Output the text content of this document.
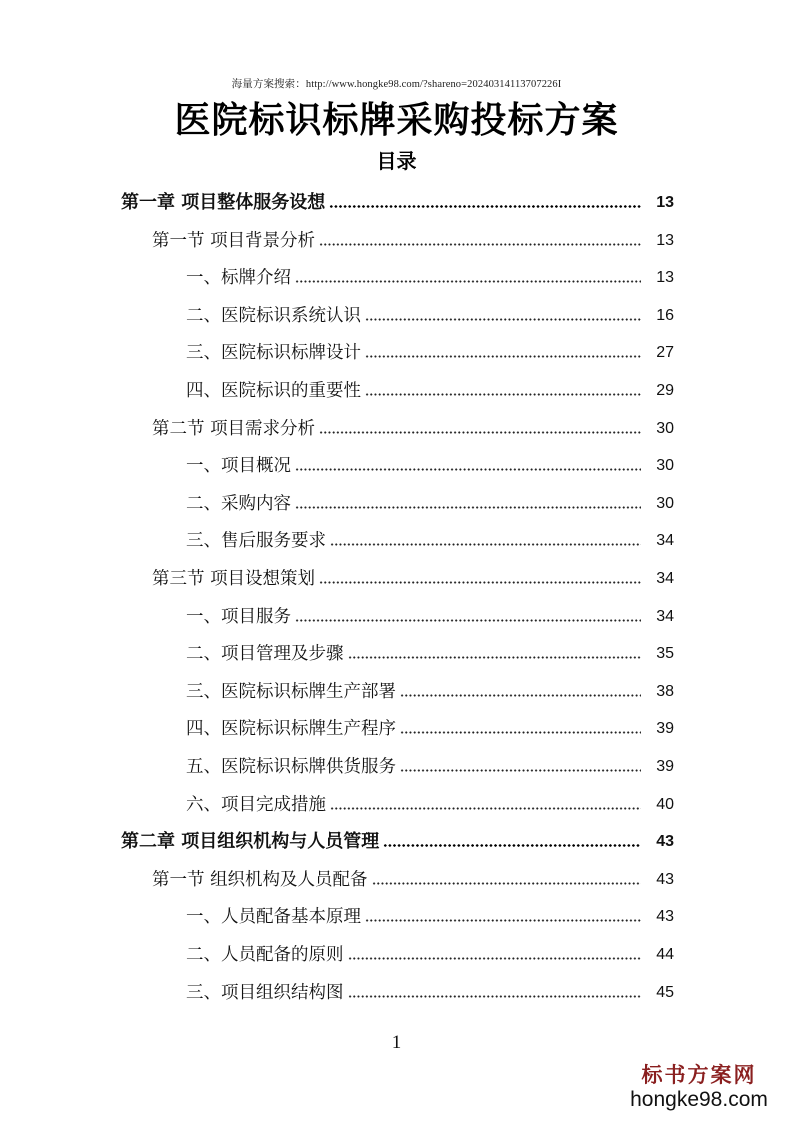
海量方案搜索：http://www.hongke98.com/?shareno=20240314113707226I
医院标识标牌采购投标方案
目录
第一章 项目整体服务设想	13
第一节 项目背景分析	13
一、标牌介绍	13
二、医院标识系统认识	16
三、医院标识标牌设计	27
四、医院标识的重要性	29
第二节 项目需求分析	30
一、项目概况	30
二、采购内容	30
三、售后服务要求	34
第三节 项目设想策划	34
一、项目服务	34
二、项目管理及步骤	35
三、医院标识标牌生产部署	38
四、医院标识标牌生产程序	39
五、医院标识标牌供货服务	39
六、项目完成措施	40
第二章 项目组织机构与人员管理	43
第一节 组织机构及人员配备	43
一、人员配备基本原理	43
二、人员配备的原则	44
三、项目组织结构图	45
1
标书方案网
hongke98.com
